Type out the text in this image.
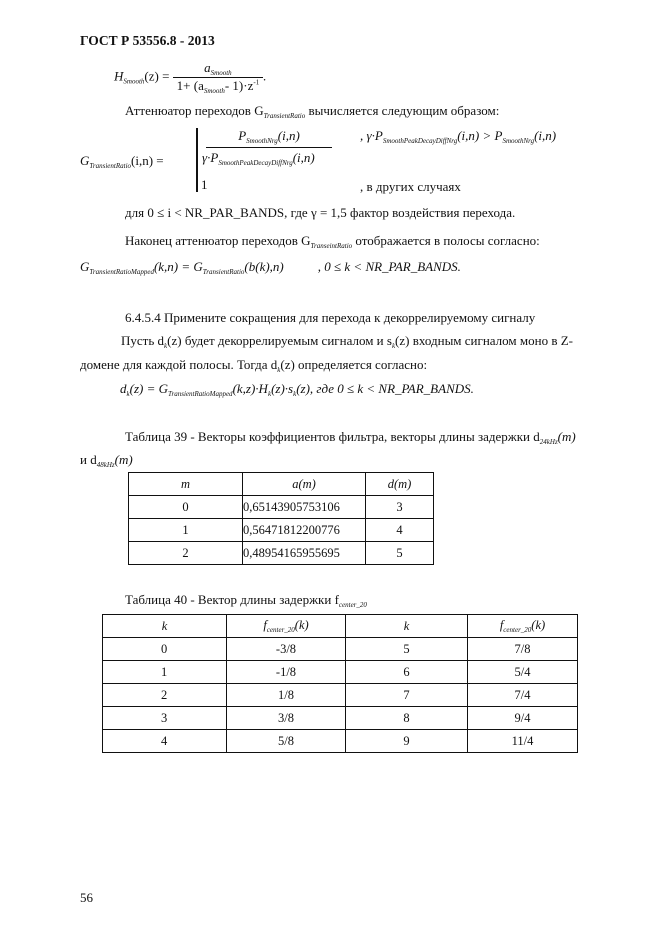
ГОСТ Р 53556.8 - 2013
$H_{Smooth}(z) = \frac{a_{Smooth}}{1+ (a_{Smooth}- 1)\cdot z^{-1}}$ .
Аттенюатор переходов $G_{TransientRatio}$ вычисляется следующим образом:
$G_{TransientRatio}(i,n)$ =
$P_{SmoothNrg}(i,n)$
$\gamma\cdot P_{SmoothPeakDecayDiffNrg}(i,n)$
, $\gamma\cdot P_{SmoothPeakDecayDiffNrg}(i,n) > P_{SmoothNrg}(i,n)$
1	, в других случаях
для 0 ≤ i < NR_PAR_BANDS, где γ = 1,5 фактор воздействия перехода.
Наконец аттенюатор переходов $G_{TranseintRatio}$ отображается в полосы согласно:
$G_{TransientRatioMapped}(k,n) = G_{TransientRatio}(b(k),n)$	, 0 ≤ k < NR_PAR_BANDS.
6.4.5.4 Примените сокращения для перехода к декоррелируемому сигналу
Пусть $d_k(z)$ будет декоррелируемым сигналом и $s_k(z)$ входным сигналом моно в Z-
домене для каждой полосы. Тогда $d_k(z)$ определяется согласно:
$d_k(z) = G_{TransientRatioMapped}(k,z)\cdot H_k(z)\cdot s_k(z)$, где 0 ≤ k < NR_PAR_BANDS.
Таблица 39 - Векторы коэффициентов фильтра, векторы длины задержки $d_{24kHz}(m)$
и $d_{48kHz}(m)$
m	a(m)	d(m)
0	0,65143905753106	3
1	0,56471812200776	4
2	0,48954165955695	5
Таблица 40 - Вектор длины задержки $f_{center\_20}$
k	$f_{center\_20}(k)$	k	$f_{center\_20}(k)$
0	-3/8	5	7/8
1	-1/8	6	5/4
2	1/8	7	7/4
3	3/8	8	9/4
4	5/8	9	11/4
56
